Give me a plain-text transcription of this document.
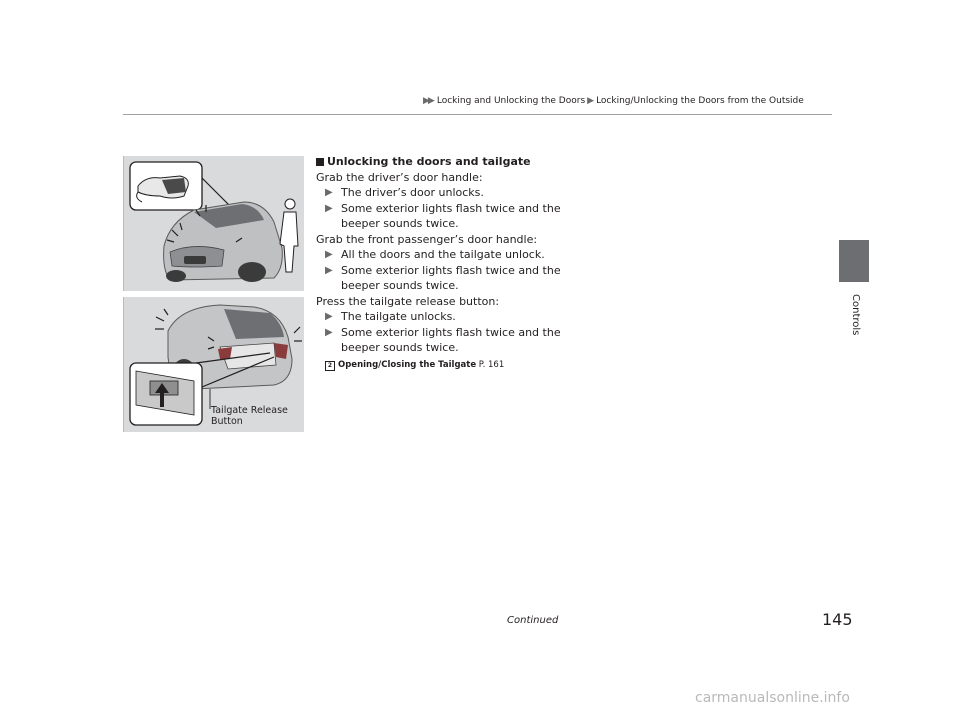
▶▶ Locking and Unlocking the Doors ▶ Locking/Unlocking the Doors from the Outside
Controls
Tailgate Release
Button
Unlocking the doors and tailgate
Grab the driver’s door handle:
▶ The driver’s door unlocks.
▶ Some exterior lights flash twice and the
beeper sounds twice.
Grab the front passenger’s door handle:
▶ All the doors and the tailgate unlock.
▶ Some exterior lights flash twice and the
beeper sounds twice.
Press the tailgate release button:
▶ The tailgate unlocks.
▶ Some exterior lights flash twice and the
beeper sounds twice.
2 Opening/Closing the Tailgate P. 161
Continued	145
carmanualsonline.info
